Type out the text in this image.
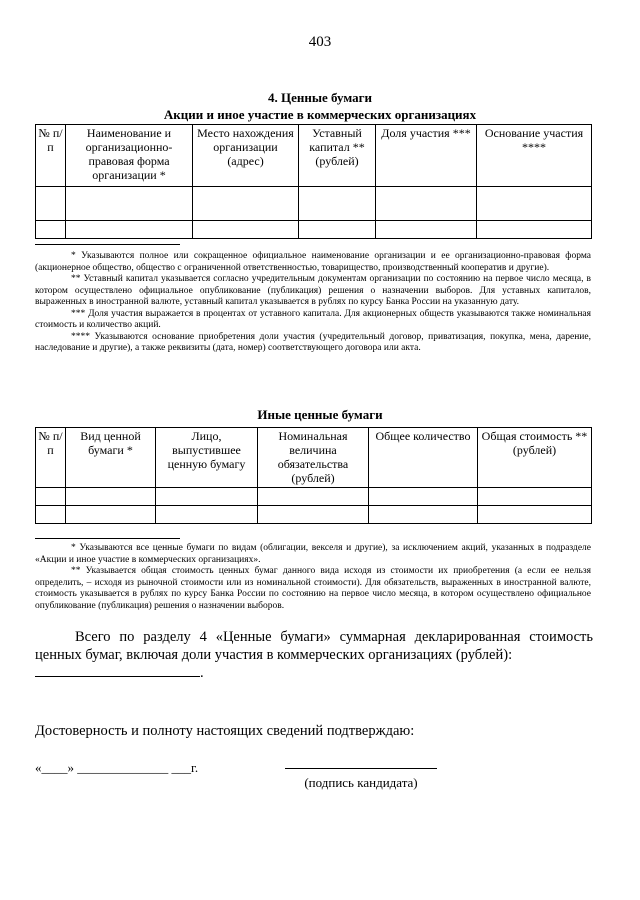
403
4. Ценные бумаги
Акции и иное участие в коммерческих организациях
№ п/п	Наименование и организационно-правовая форма организации *	Место нахождения организации (адрес)	Уставный капитал ** (рублей)	Доля участия ***	Основание участия ****

* Указываются полное или сокращенное официальное наименование организации и ее организационно-правовая форма (акционерное общество, общество с ограниченной ответственностью, товарищество, производственный кооператив и другие).

** Уставный капитал указывается согласно учредительным документам организации по состоянию на первое число месяца, в котором осуществлено официальное опубликование (публикация) решения о назначении выборов. Для уставных капиталов, выраженных в иностранной валюте, уставный капитал указывается в рублях по курсу Банка России на указанную дату.

*** Доля участия выражается в процентах от уставного капитала. Для акционерных обществ указываются также номинальная стоимость и количество акций.

**** Указываются основание приобретения доли участия (учредительный договор, приватизация, покупка, мена, дарение, наследование и другие), а также реквизиты (дата, номер) соответствующего договора или акта.

Иные ценные бумаги
№ п/п	Вид ценной бумаги *	Лицо, выпустившее ценную бумагу	Номинальная величина обязательства (рублей)	Общее количество	Общая стоимость ** (рублей)

* Указываются все ценные бумаги по видам (облигации, векселя и другие), за исключением акций, указанных в подразделе «Акции и иное участие в коммерческих организациях».

** Указывается общая стоимость ценных бумаг данного вида исходя из стоимости их приобретения (а если ее нельзя определить, – исходя из рыночной стоимости или из номинальной стоимости). Для обязательств, выраженных в иностранной валюте, стоимость указывается в рублях по курсу Банка России по состоянию на первое число месяца, в котором осуществлено официальное опубликование (публикация) решения о назначении выборов.

Всего по разделу 4 «Ценные бумаги» суммарная декларированная стоимость ценных бумаг, включая доли участия в коммерческих организациях (рублей):
.
Достоверность и полноту настоящих сведений подтверждаю:
«____» ______________ ___г.
(подпись кандидата)
